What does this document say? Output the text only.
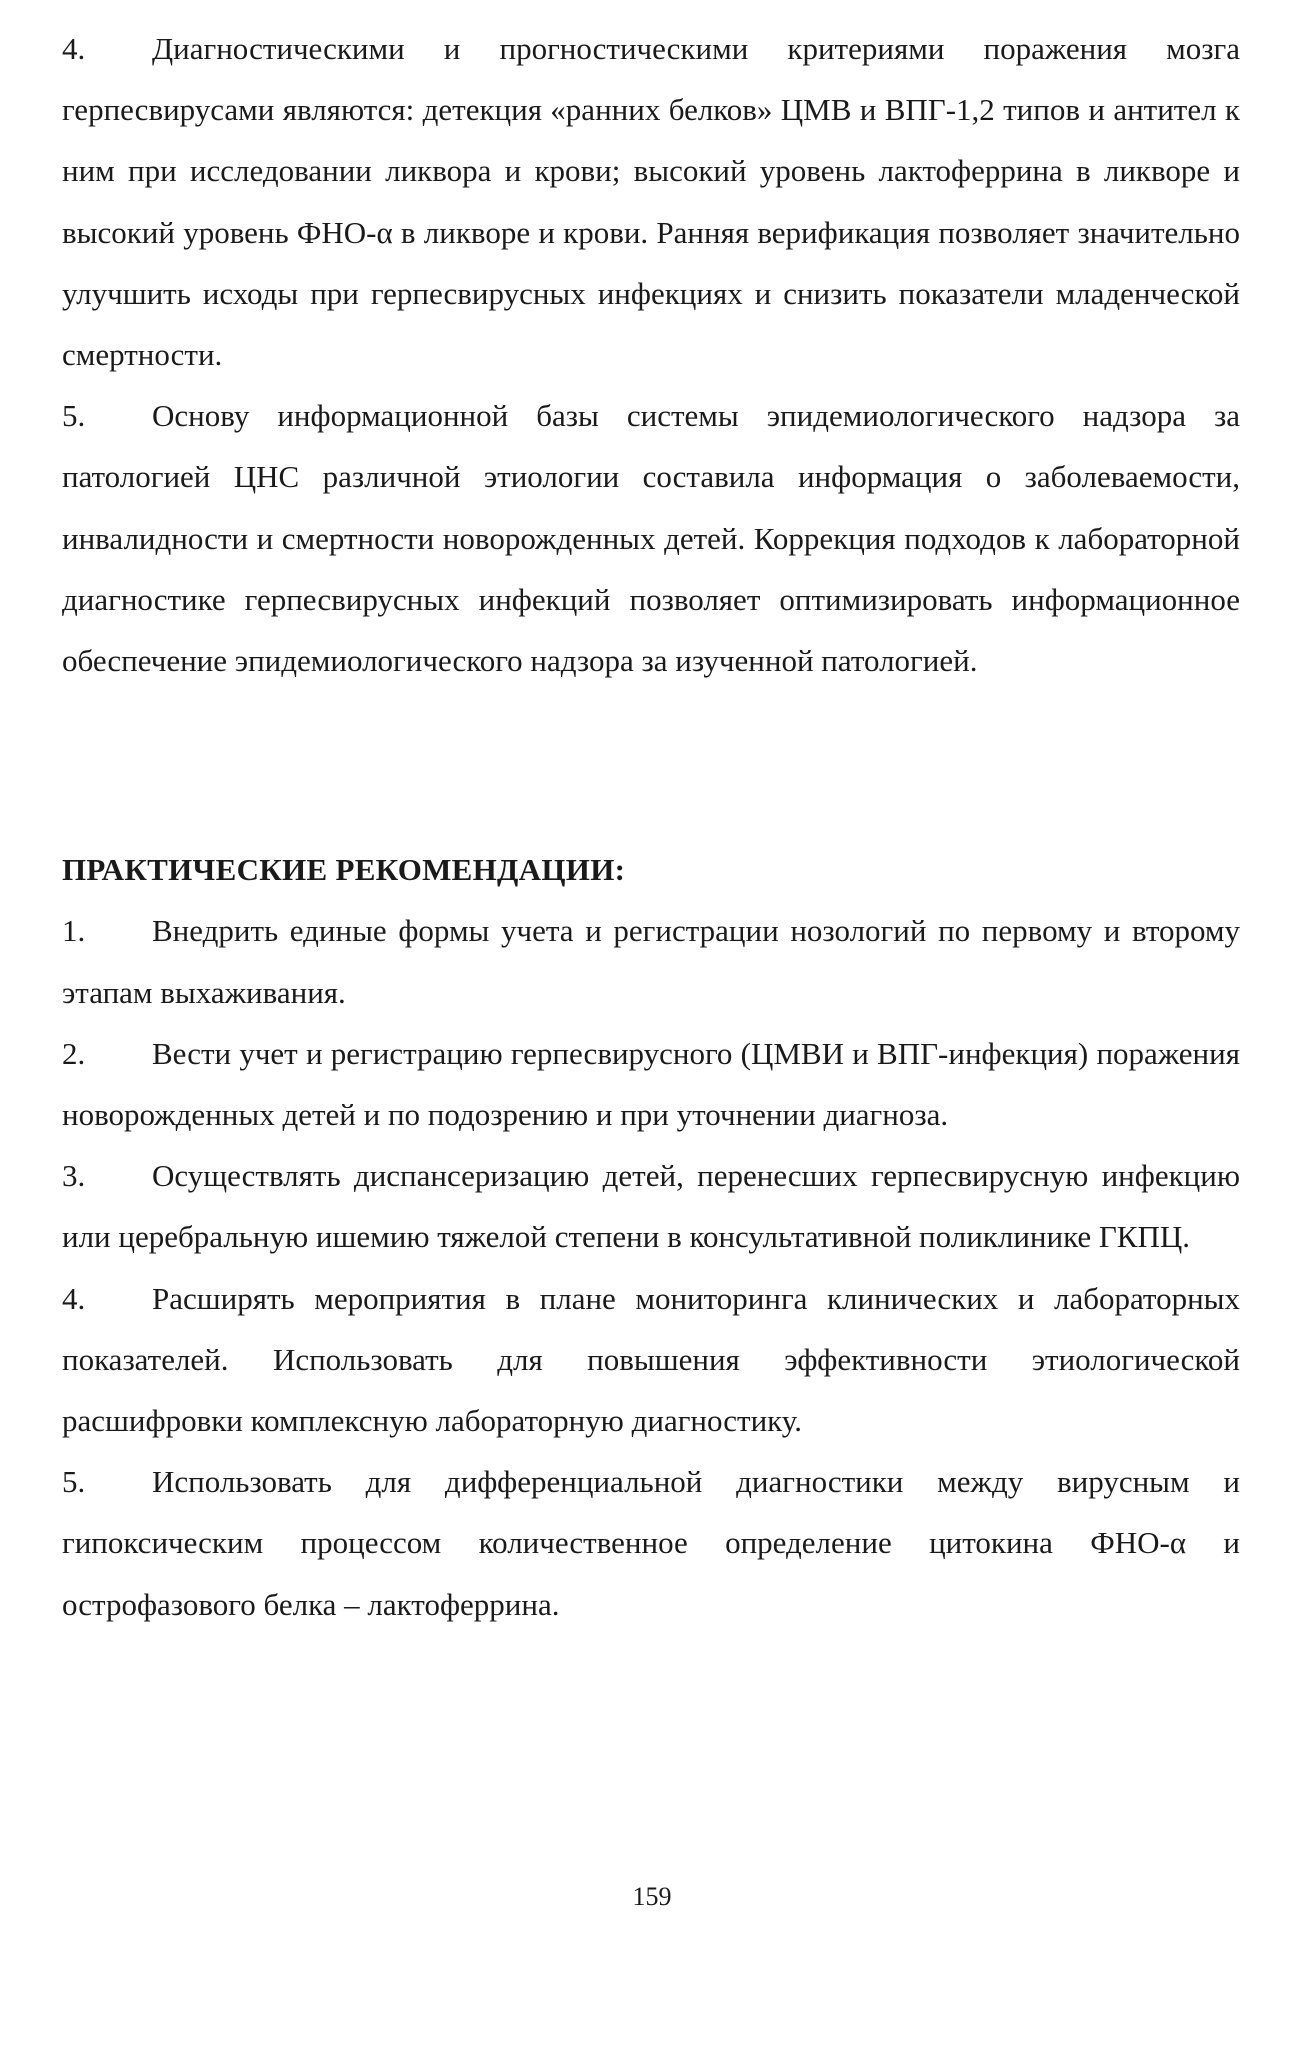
4. Диагностическими и прогностическими критериями поражения мозга герпесвирусами являются: детекция «ранних белков» ЦМВ и ВПГ-1,2 типов и антител к ним при исследовании ликвора и крови; высокий уровень лактоферрина в ликворе и высокий уровень ФНО-α в ликворе и крови. Ранняя верификация позволяет значительно улучшить исходы при герпесвирусных инфекциях и снизить показатели младенческой смертности.

5. Основу информационной базы системы эпидемиологического надзора за патологией ЦНС различной этиологии составила информация о заболеваемости, инвалидности и смертности новорожденных детей. Коррекция подходов к лабораторной диагностике герпесвирусных инфекций позволяет оптимизировать информационное обеспечение эпидемиологического надзора за изученной патологией.

ПРАКТИЧЕСКИЕ РЕКОМЕНДАЦИИ:

1. Внедрить единые формы учета и регистрации нозологий по первому и второму этапам выхаживания.

2. Вести учет и регистрацию герпесвирусного (ЦМВИ и ВПГ-инфекция) поражения новорожденных детей и по подозрению и при уточнении диагноза.

3. Осуществлять диспансеризацию детей, перенесших герпесвирусную инфекцию или церебральную ишемию тяжелой степени в консультативной поликлинике ГКПЦ.

4. Расширять мероприятия в плане мониторинга клинических и лабораторных показателей. Использовать для повышения эффективности этиологической расшифровки комплексную лабораторную диагностику.

5. Использовать для дифференциальной диагностики между вирусным и гипоксическим процессом количественное определение цитокина ФНО-α и острофазового белка – лактоферрина.

159
